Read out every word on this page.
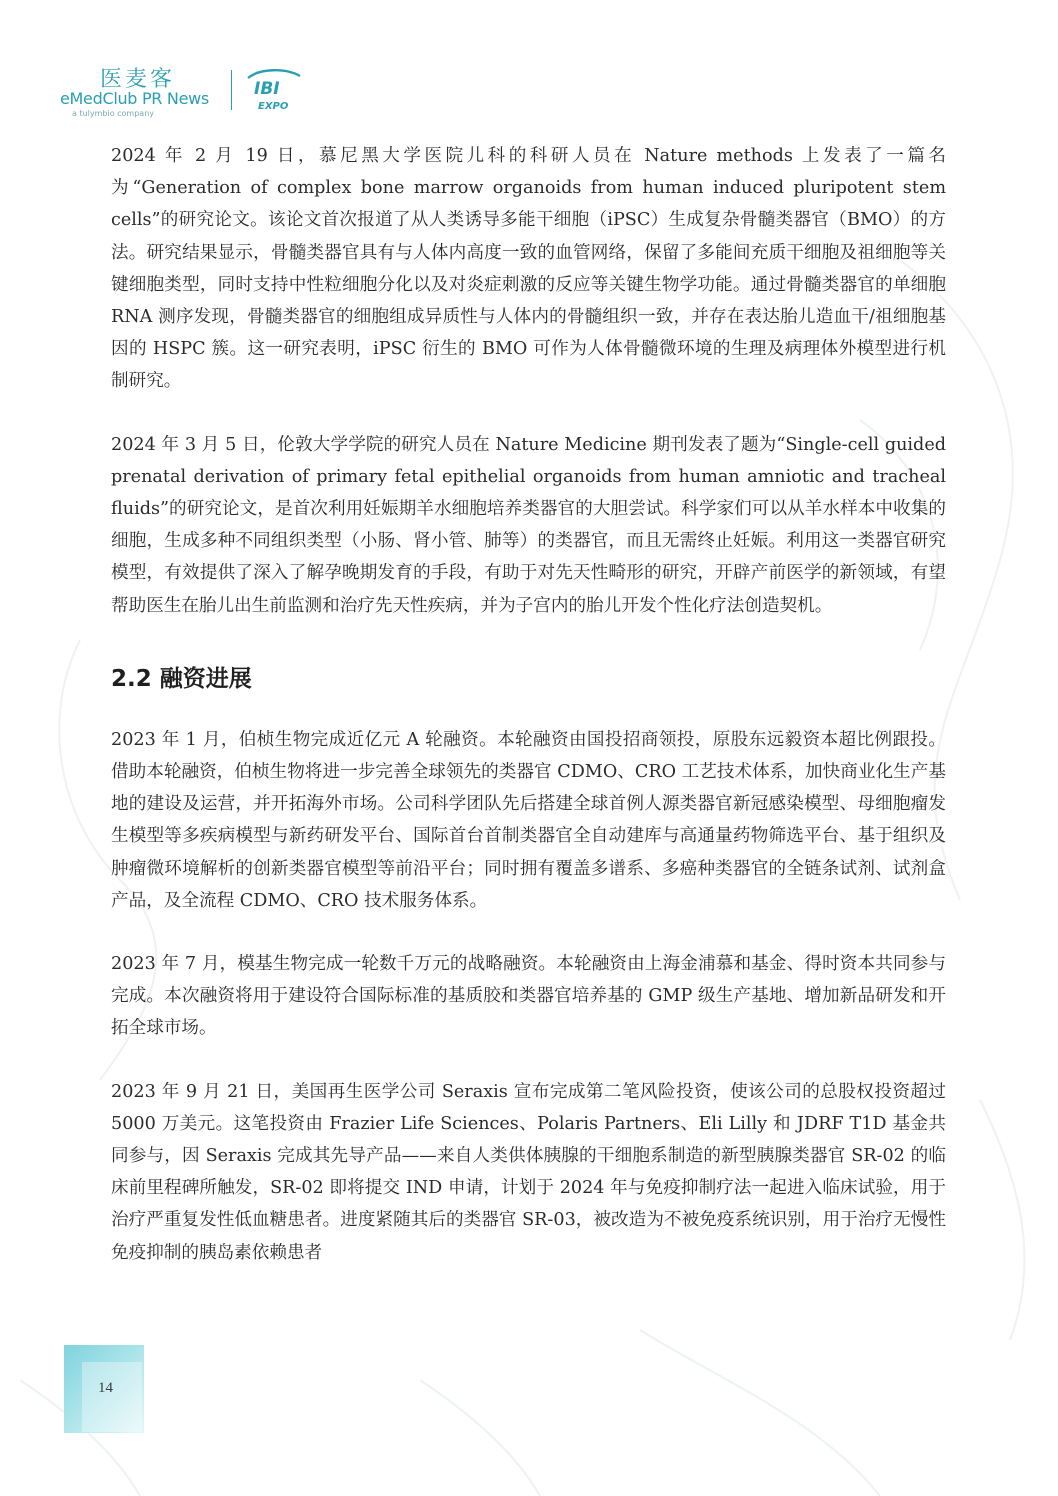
医麦客
eMedClub PR News
a tulymbio company
IBI
EXPO

2024 年 2 月 19 日，慕尼黑大学医院儿科的科研人员在 Nature methods 上发表了一篇名为“Generation of complex bone marrow organoids from human induced pluripotent stem cells”的研究论文。该论文首次报道了从人类诱导多能干细胞（iPSC）生成复杂骨髓类器官（BMO）的方法。研究结果显示，骨髓类器官具有与人体内高度一致的血管网络，保留了多能间充质干细胞及祖细胞等关键细胞类型，同时支持中性粒细胞分化以及对炎症刺激的反应等关键生物学功能。通过骨髓类器官的单细胞 RNA 测序发现，骨髓类器官的细胞组成异质性与人体内的骨髓组织一致，并存在表达胎儿造血干/祖细胞基因的 HSPC 簇。这一研究表明，iPSC 衍生的 BMO 可作为人体骨髓微环境的生理及病理体外模型进行机制研究。

2024 年 3 月 5 日，伦敦大学学院的研究人员在 Nature Medicine 期刊发表了题为“Single-cell guided prenatal derivation of primary fetal epithelial organoids from human amniotic and tracheal fluids”的研究论文，是首次利用妊娠期羊水细胞培养类器官的大胆尝试。科学家们可以从羊水样本中收集的细胞，生成多种不同组织类型（小肠、肾小管、肺等）的类器官，而且无需终止妊娠。利用这一类器官研究模型，有效提供了深入了解孕晚期发育的手段，有助于对先天性畸形的研究，开辟产前医学的新领域，有望帮助医生在胎儿出生前监测和治疗先天性疾病，并为子宫内的胎儿开发个性化疗法创造契机。

2.2 融资进展

2023 年 1 月，伯桢生物完成近亿元 A 轮融资。本轮融资由国投招商领投，原股东远毅资本超比例跟投。借助本轮融资，伯桢生物将进一步完善全球领先的类器官 CDMO、CRO 工艺技术体系，加快商业化生产基地的建设及运营，并开拓海外市场。公司科学团队先后搭建全球首例人源类器官新冠感染模型、母细胞瘤发生模型等多疾病模型与新药研发平台、国际首台首制类器官全自动建库与高通量药物筛选平台、基于组织及肿瘤微环境解析的创新类器官模型等前沿平台；同时拥有覆盖多谱系、多癌种类器官的全链条试剂、试剂盒产品，及全流程 CDMO、CRO 技术服务体系。

2023 年 7 月，模基生物完成一轮数千万元的战略融资。本轮融资由上海金浦慕和基金、得时资本共同参与完成。本次融资将用于建设符合国际标准的基质胶和类器官培养基的 GMP 级生产基地、增加新品研发和开拓全球市场。

2023 年 9 月 21 日，美国再生医学公司 Seraxis 宣布完成第二笔风险投资，使该公司的总股权投资超过 5000 万美元。这笔投资由 Frazier Life Sciences、Polaris Partners、Eli Lilly 和 JDRF T1D 基金共同参与，因 Seraxis 完成其先导产品——来自人类供体胰腺的干细胞系制造的新型胰腺类器官 SR-02 的临床前里程碑所触发，SR-02 即将提交 IND 申请，计划于 2024 年与免疫抑制疗法一起进入临床试验，用于治疗严重复发性低血糖患者。进度紧随其后的类器官 SR-03，被改造为不被免疫系统识别，用于治疗无慢性免疫抑制的胰岛素依赖患者

14
